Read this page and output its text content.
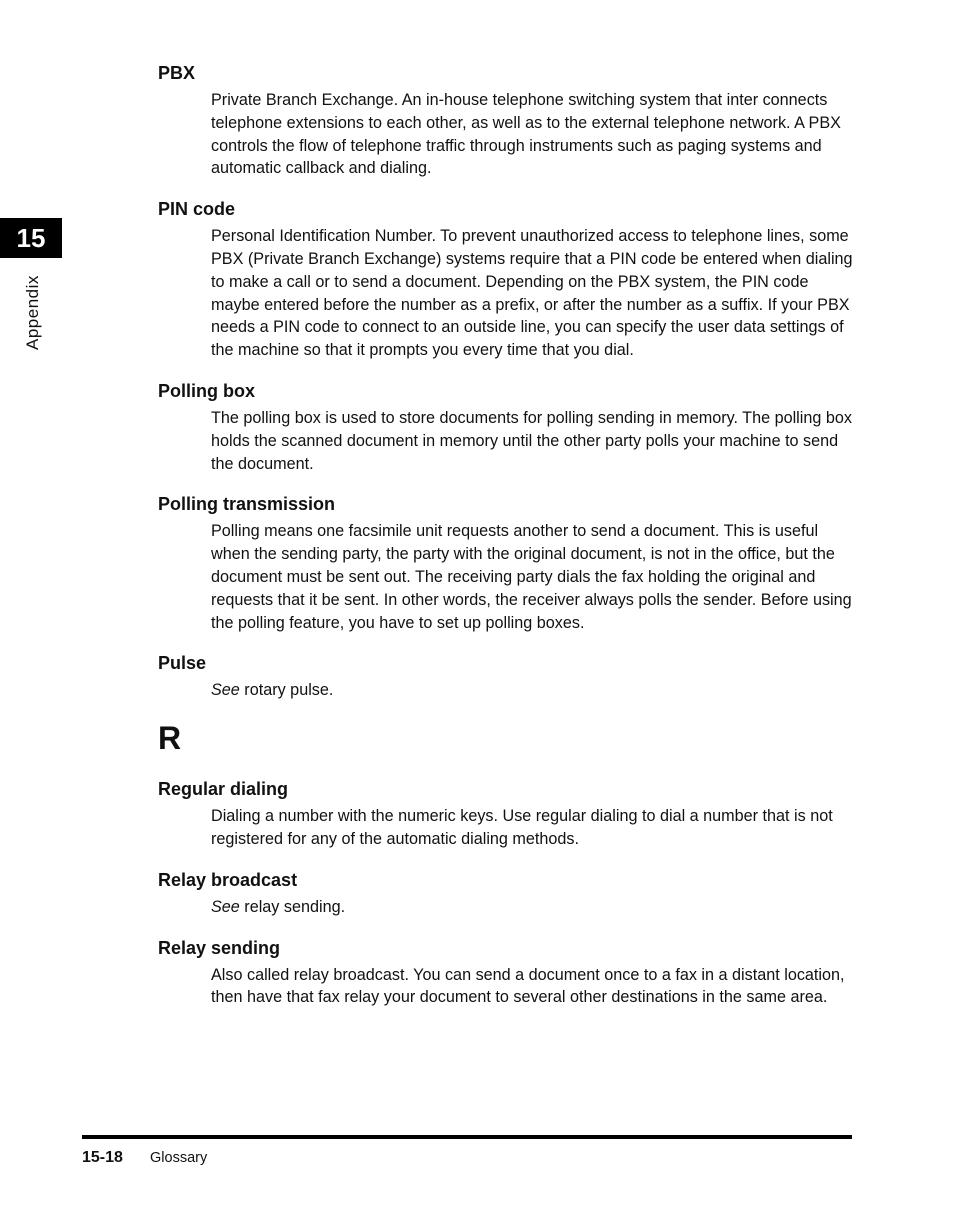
15
Appendix
PBX
Private Branch Exchange. An in-house telephone switching system that inter connects telephone extensions to each other, as well as to the external telephone network. A PBX controls the flow of telephone traffic through instruments such as paging systems and automatic callback and dialing.
PIN code
Personal Identification Number. To prevent unauthorized access to telephone lines, some PBX (Private Branch Exchange) systems require that a PIN code be entered when dialing to make a call or to send a document. Depending on the PBX system, the PIN code maybe entered before the number as a prefix, or after the number as a suffix. If your PBX needs a PIN code to connect to an outside line, you can specify the user data settings of the machine so that it prompts you every time that you dial.
Polling box
The polling box is used to store documents for polling sending in memory. The polling box holds the scanned document in memory until the other party polls your machine to send the document.
Polling transmission
Polling means one facsimile unit requests another to send a document. This is useful when the sending party, the party with the original document, is not in the office, but the document must be sent out. The receiving party dials the fax holding the original and requests that it be sent. In other words, the receiver always polls the sender. Before using the polling feature, you have to set up polling boxes.
Pulse
See rotary pulse.
R
Regular dialing
Dialing a number with the numeric keys. Use regular dialing to dial a number that is not registered for any of the automatic dialing methods.
Relay broadcast
See relay sending.
Relay sending
Also called relay broadcast. You can send a document once to a fax in a distant location, then have that fax relay your document to several other destinations in the same area.
15-18 Glossary
